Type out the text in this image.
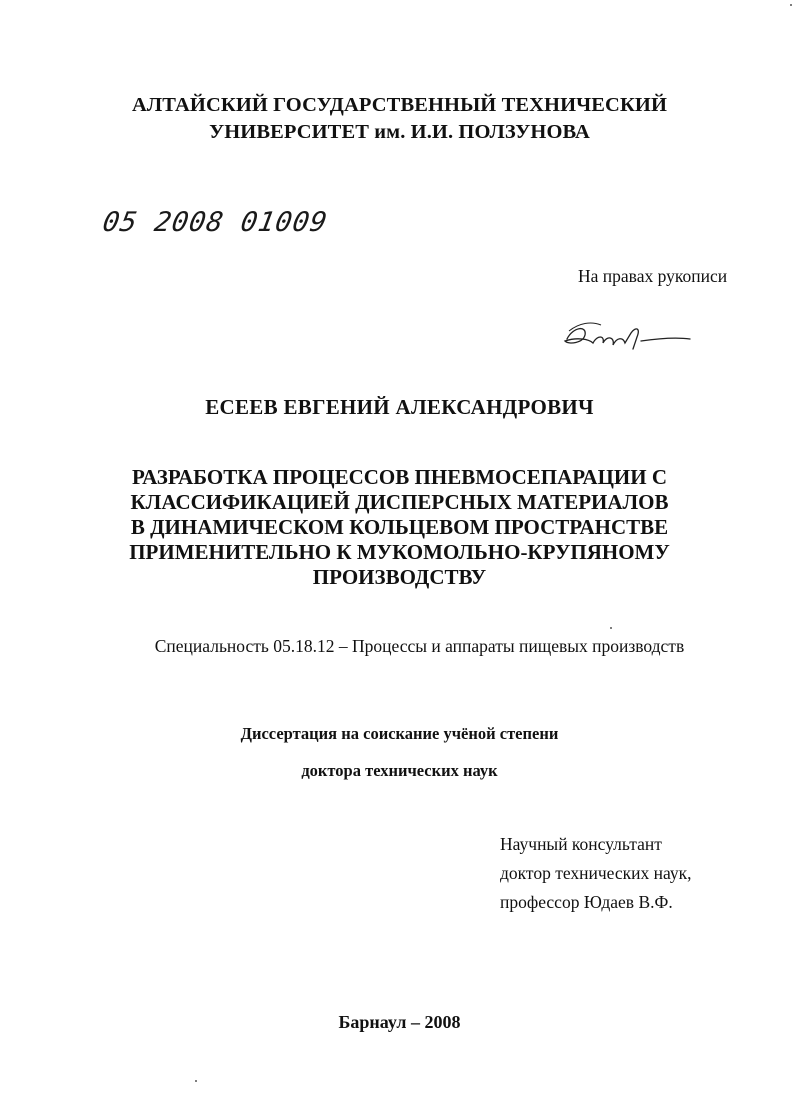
АЛТАЙСКИЙ ГОСУДАРСТВЕННЫЙ ТЕХНИЧЕСКИЙ
УНИВЕРСИТЕТ им. И.И. ПОЛЗУНОВА
05 2008 01009
На правах рукописи
ЕСЕЕВ ЕВГЕНИЙ АЛЕКСАНДРОВИЧ
РАЗРАБОТКА ПРОЦЕССОВ ПНЕВМОСЕПАРАЦИИ С
КЛАССИФИКАЦИЕЙ ДИСПЕРСНЫХ МАТЕРИАЛОВ
В ДИНАМИЧЕСКОМ КОЛЬЦЕВОМ ПРОСТРАНСТВЕ
ПРИМЕНИТЕЛЬНО К МУКОМОЛЬНО-КРУПЯНОМУ
ПРОИЗВОДСТВУ
Специальность 05.18.12 – Процессы и аппараты пищевых производств
Диссертация на соискание учёной степени
доктора технических наук
Научный консультант
доктор технических наук,
профессор Юдаев В.Ф.
Барнаул – 2008
